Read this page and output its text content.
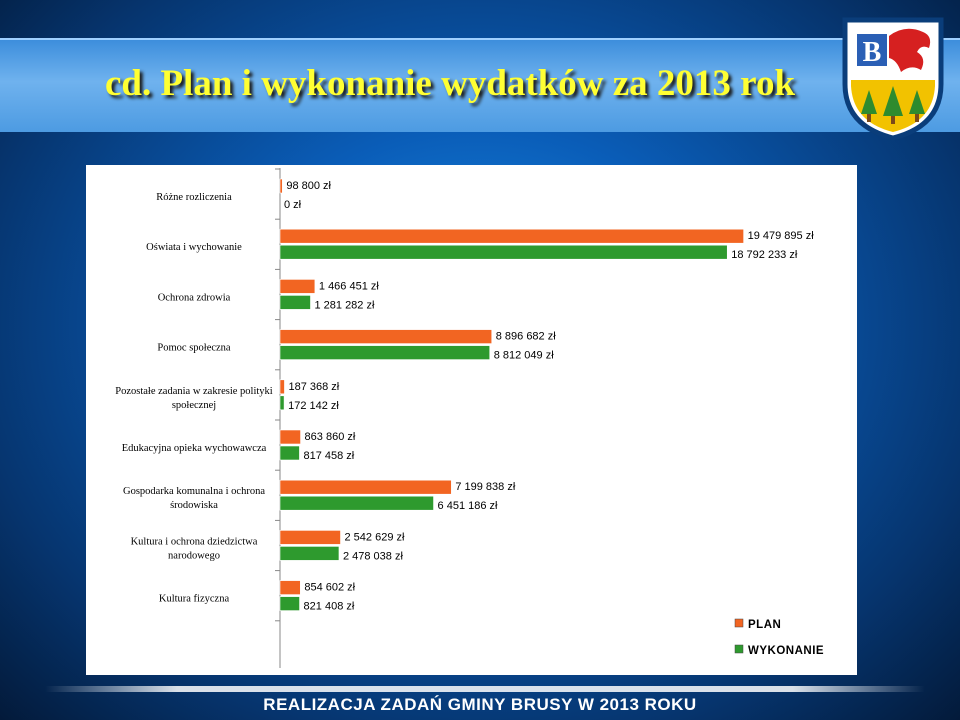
cd. Plan i wykonanie wydatków za 2013 rok
B
Różne rozliczenia
98 800 zł
0 zł
Oświata i wychowanie
19 479 895 zł
18 792 233 zł
Ochrona zdrowia
1 466 451 zł
1 281 282 zł
Pomoc społeczna
8 896 682 zł
8 812 049 zł
Pozostałe zadania w zakresie polityki społecznej
187 368 zł
172 142 zł
Edukacyjna opieka wychowawcza
863 860 zł
817 458 zł
Gospodarka komunalna i ochrona środowiska
7 199 838 zł
6 451 186 zł
Kultura i ochrona dziedzictwa narodowego
2 542 629 zł
2 478 038 zł
Kultura fizyczna
854 602 zł
821 408 zł
PLAN
WYKONANIE
REALIZACJA ZADAŃ GMINY BRUSY W 2013 ROKU
